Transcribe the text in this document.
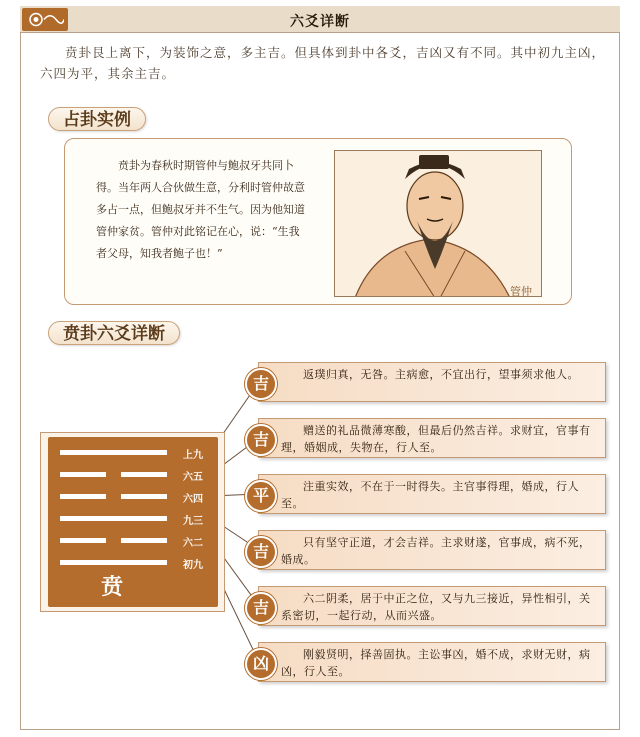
六爻详断
贲卦艮上离下，为装饰之意，多主吉。但具体到卦中各爻，吉凶又有不同。其中初九主凶，六四为平，其余主吉。
占卦实例
贲卦为春秋时期管仲与鲍叔牙共同卜得。当年两人合伙做生意，分利时管仲故意多占一点，但鲍叔牙并不生气。因为他知道管仲家贫。管仲对此铭记在心，说：“生我者父母，知我者鲍子也！”
管仲
贲卦六爻详断
上九
六五
六四
九三
六二
初九
贲
返璞归真，无咎。主病愈，不宜出行，望事须求他人。
吉
赠送的礼品微薄寒酸，但最后仍然吉祥。求财宜，官事有理，婚姻成，失物在，行人至。
吉
注重实效，不在于一时得失。主官事得理，婚成，行人至。
平
只有坚守正道，才会吉祥。主求财遂，官事成，病不死，婚成。
吉
六二阴柔，居于中正之位，又与九三接近，异性相引，关系密切，一起行动，从而兴盛。
吉
刚毅贤明，择善固执。主讼事凶，婚不成，求财无财，病凶，行人至。
凶
